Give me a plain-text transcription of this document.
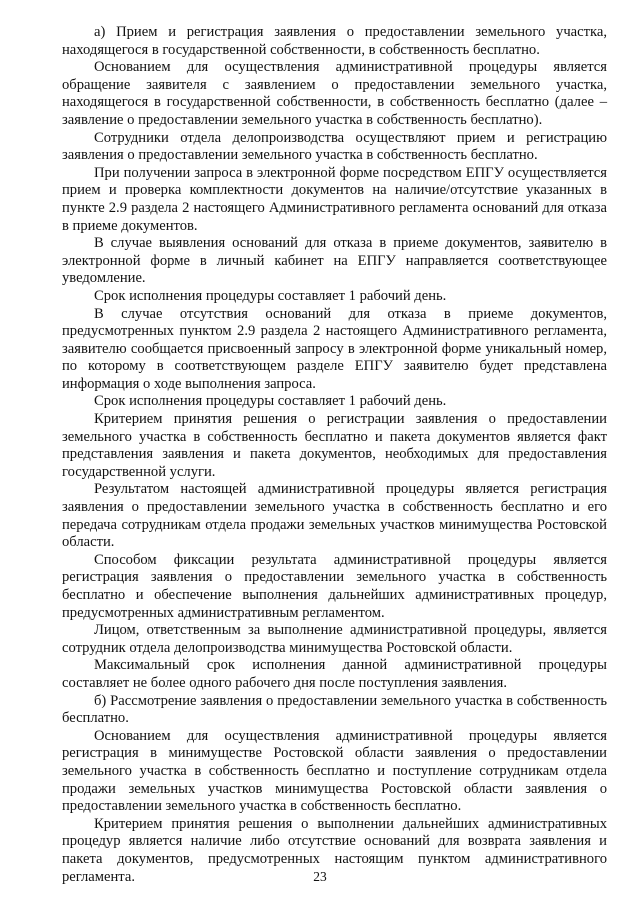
а) Прием и регистрация заявления о предоставлении земельного участка, находящегося в государственной собственности, в собственность бесплатно.

Основанием для осуществления административной процедуры является обращение заявителя с заявлением о предоставлении земельного участка, находящегося в государственной собственности, в собственность бесплатно (далее – заявление о предоставлении земельного участка в собственность бесплатно).

Сотрудники отдела делопроизводства осуществляют прием и регистрацию заявления о предоставлении земельного участка в собственность бесплатно.

При получении запроса в электронной форме посредством ЕПГУ осуществляется прием и проверка комплектности документов на наличие/отсутствие указанных в пункте 2.9 раздела 2 настоящего Административного регламента оснований для отказа в приеме документов.

В случае выявления оснований для отказа в приеме документов, заявителю в электронной форме в личный кабинет на ЕПГУ направляется соответствующее уведомление.

Срок исполнения процедуры составляет 1 рабочий день.

В случае отсутствия оснований для отказа в приеме документов, предусмотренных пунктом 2.9 раздела 2 настоящего Административного регламента, заявителю сообщается присвоенный запросу в электронной форме уникальный номер, по которому в соответствующем разделе ЕПГУ заявителю будет представлена информация о ходе выполнения запроса.

Срок исполнения процедуры составляет 1 рабочий день.

Критерием принятия решения о регистрации заявления о предоставлении земельного участка в собственность бесплатно и пакета документов является факт представления заявления и пакета документов, необходимых для предоставления государственной услуги.

Результатом настоящей административной процедуры является регистрация заявления о предоставлении земельного участка в собственность бесплатно и его передача сотрудникам отдела продажи земельных участков минимущества Ростовской области.

Способом фиксации результата административной процедуры является регистрация заявления о предоставлении земельного участка в собственность бесплатно и обеспечение выполнения дальнейших административных процедур, предусмотренных административным регламентом.

Лицом, ответственным за выполнение административной процедуры, является сотрудник отдела делопроизводства минимущества Ростовской области.

Максимальный срок исполнения данной административной процедуры составляет не более одного рабочего дня после поступления заявления.

б) Рассмотрение заявления о предоставлении земельного участка в собственность бесплатно.

Основанием для осуществления административной процедуры является регистрация в минимуществе Ростовской области заявления о предоставлении земельного участка в собственность бесплатно и поступление сотрудникам отдела продажи земельных участков минимущества Ростовской области заявления о предоставлении земельного участка в собственность бесплатно.

Критерием принятия решения о выполнении дальнейших административных процедур является наличие либо отсутствие оснований для возврата заявления и пакета документов, предусмотренных настоящим пунктом административного регламента.	23
